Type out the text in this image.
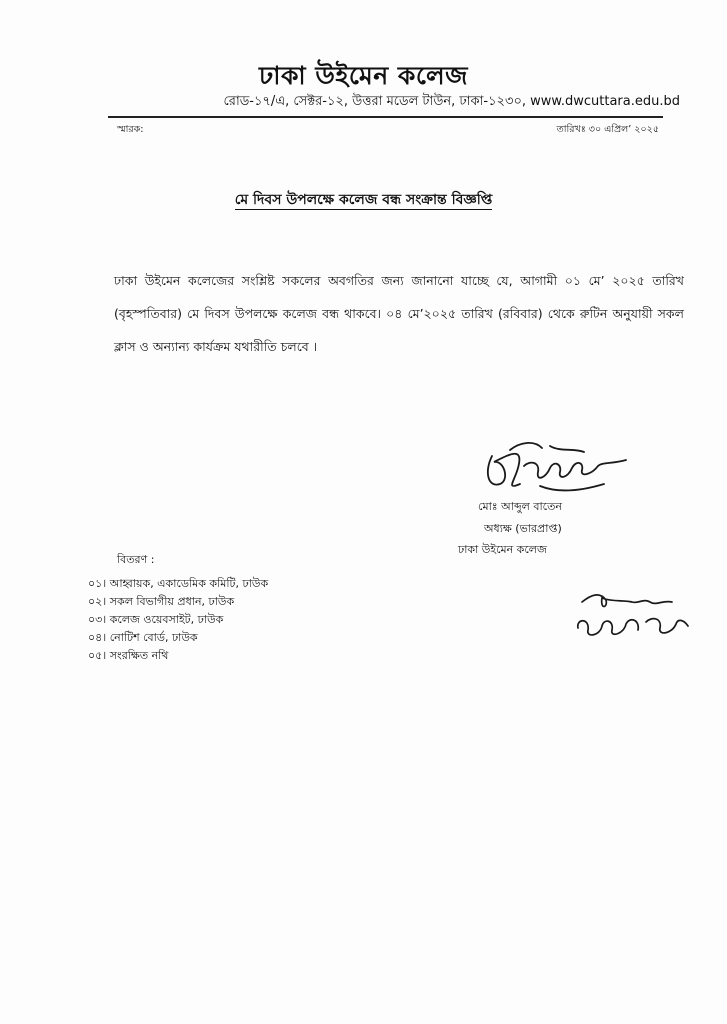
ঢাকা উইমেন কলেজ
রোড-১৭/এ, সেক্টর-১২, উত্তরা মডেল টাউন, ঢাকা-১২৩০, www.dwcuttara.edu.bd
স্মারক:	তারিখঃ ৩০ এপ্রিল’ ২০২৫
মে দিবস উপলক্ষে কলেজ বন্ধ সংক্রান্ত বিজ্ঞপ্তি
ঢাকা উইমেন কলেজের সংশ্লিষ্ট সকলের অবগতির জন্য জানানো যাচ্ছে যে, আগামী ০১ মে’ ২০২৫ তারিখ (বৃহস্পতিবার) মে দিবস উপলক্ষে কলেজ বন্ধ থাকবে। ০৪ মে’২০২৫ তারিখ (রবিবার) থেকে রুটিন অনুযায়ী সকল ক্লাস ও অন্যান্য কার্যক্রম যথারীতি চলবে ।
মোঃ আব্দুল বাতেন
অধ্যক্ষ (ভারপ্রাপ্ত)
ঢাকা উইমেন কলেজ
বিতরণ :
০১। আহ্বায়ক, একাডেমিক কমিটি, ঢাউক
০২। সকল বিভাগীয় প্রধান, ঢাউক
০৩। কলেজ ওয়েবসাইট, ঢাউক
০৪। নোটিশ বোর্ড, ঢাউক
০৫। সংরক্ষিত নথি
